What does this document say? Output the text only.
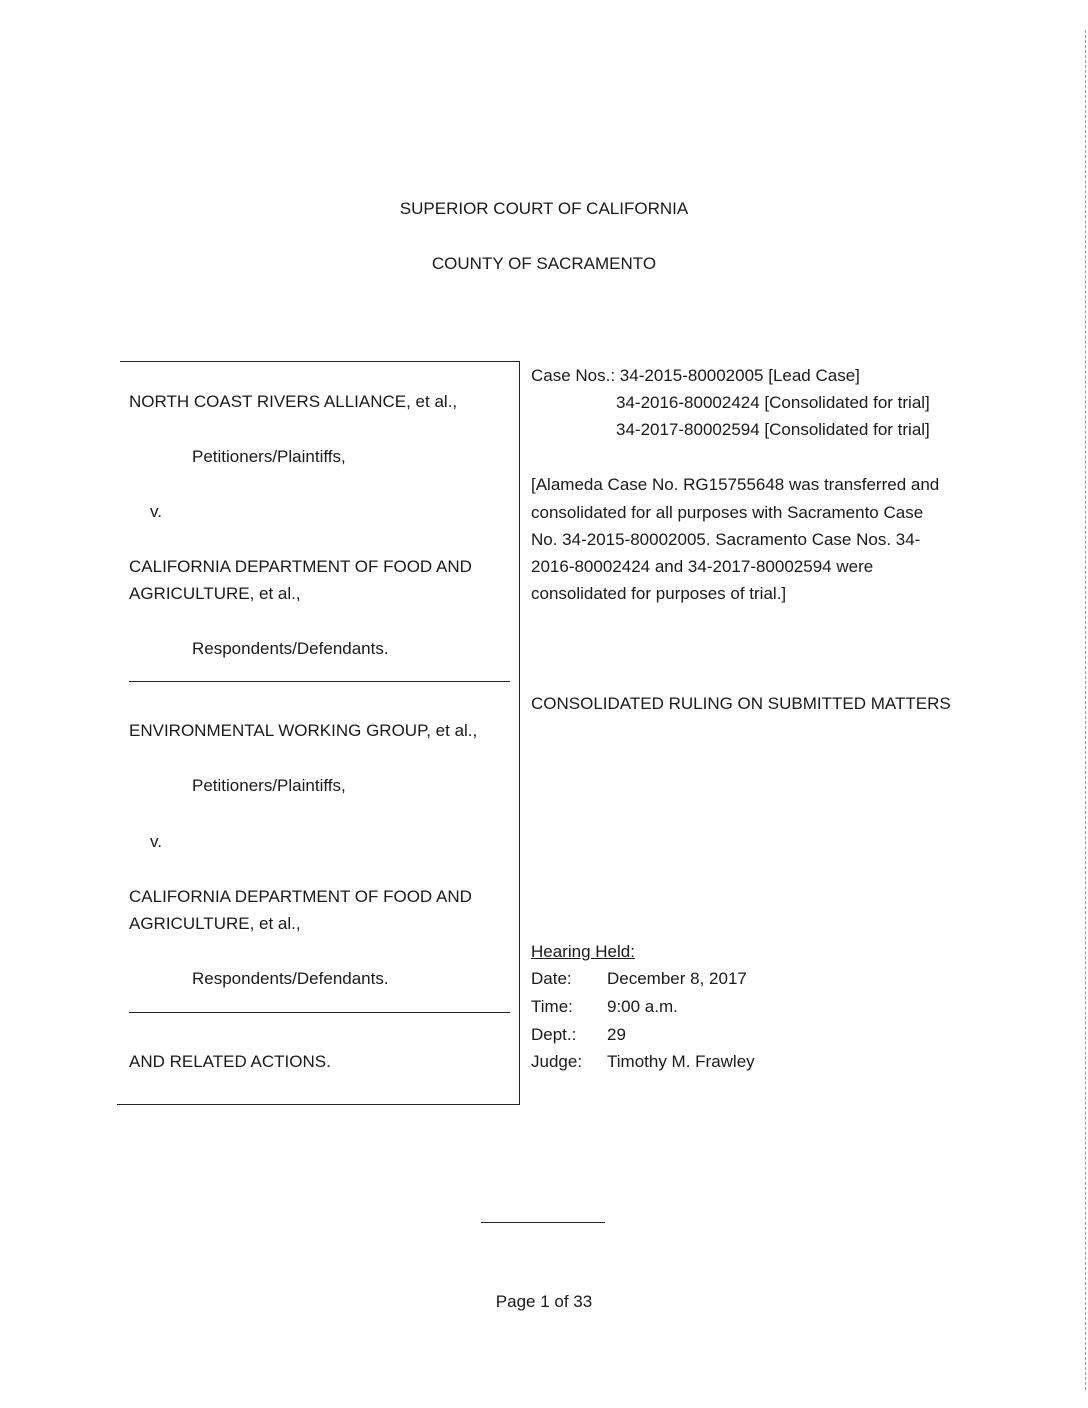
SUPERIOR COURT OF CALIFORNIA
COUNTY OF SACRAMENTO
NORTH COAST RIVERS ALLIANCE, et al.,
Petitioners/Plaintiffs,
v.
CALIFORNIA DEPARTMENT OF FOOD AND
AGRICULTURE, et al.,
Respondents/Defendants.
ENVIRONMENTAL WORKING GROUP, et al.,
Petitioners/Plaintiffs,
v.
CALIFORNIA DEPARTMENT OF FOOD AND
AGRICULTURE, et al.,
Respondents/Defendants.
AND RELATED ACTIONS.
Case Nos.: 34-2015-80002005 [Lead Case]
34-2016-80002424 [Consolidated for trial]
34-2017-80002594 [Consolidated for trial]
[Alameda Case No. RG15755648 was transferred and
consolidated for all purposes with Sacramento Case
No. 34-2015-80002005. Sacramento Case Nos. 34-
2016-80002424 and 34-2017-80002594 were
consolidated for purposes of trial.]
CONSOLIDATED RULING ON SUBMITTED MATTERS
Hearing Held:
Date: December 8, 2017
Time: 9:00 a.m.
Dept.: 29
Judge: Timothy M. Frawley
Page 1 of 33
